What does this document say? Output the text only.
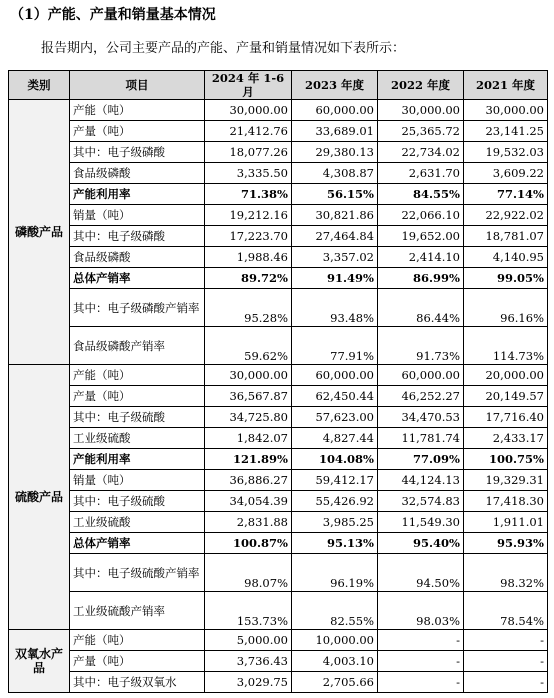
（1）产能、产量和销量基本情况
报告期内，公司主要产品的产能、产量和销量情况如下表所示：
类别	项目	2024 年 1-6 月	2023 年度	2022 年度	2021 年度
磷酸产品	产能（吨）	30,000.00	60,000.00	30,000.00	30,000.00
	产量（吨）	21,412.76	33,689.01	25,365.72	23,141.25
	其中：电子级磷酸	18,077.26	29,380.13	22,734.02	19,532.03
	食品级磷酸	3,335.50	4,308.87	2,631.70	3,609.22
	产能利用率	71.38%	56.15%	84.55%	77.14%
	销量（吨）	19,212.16	30,821.86	22,066.10	22,922.02
	其中：电子级磷酸	17,223.70	27,464.84	19,652.00	18,781.07
	食品级磷酸	1,988.46	3,357.02	2,414.10	4,140.95
	总体产销率	89.72%	91.49%	86.99%	99.05%
	其中：电子级磷酸产销率	95.28%	93.48%	86.44%	96.16%
	食品级磷酸产销率	59.62%	77.91%	91.73%	114.73%
硫酸产品	产能（吨）	30,000.00	60,000.00	60,000.00	20,000.00
	产量（吨）	36,567.87	62,450.44	46,252.27	20,149.57
	其中：电子级硫酸	34,725.80	57,623.00	34,470.53	17,716.40
	工业级硫酸	1,842.07	4,827.44	11,781.74	2,433.17
	产能利用率	121.89%	104.08%	77.09%	100.75%
	销量（吨）	36,886.27	59,412.17	44,124.13	19,329.31
	其中：电子级硫酸	34,054.39	55,426.92	32,574.83	17,418.30
	工业级硫酸	2,831.88	3,985.25	11,549.30	1,911.01
	总体产销率	100.87%	95.13%	95.40%	95.93%
	其中：电子级硫酸产销率	98.07%	96.19%	94.50%	98.32%
	工业级硫酸产销率	153.73%	82.55%	98.03%	78.54%
双氧水产品	产能（吨）	5,000.00	10,000.00	-	-
	产量（吨）	3,736.43	4,003.10	-	-
	其中：电子级双氧水	3,029.75	2,705.66	-	-
